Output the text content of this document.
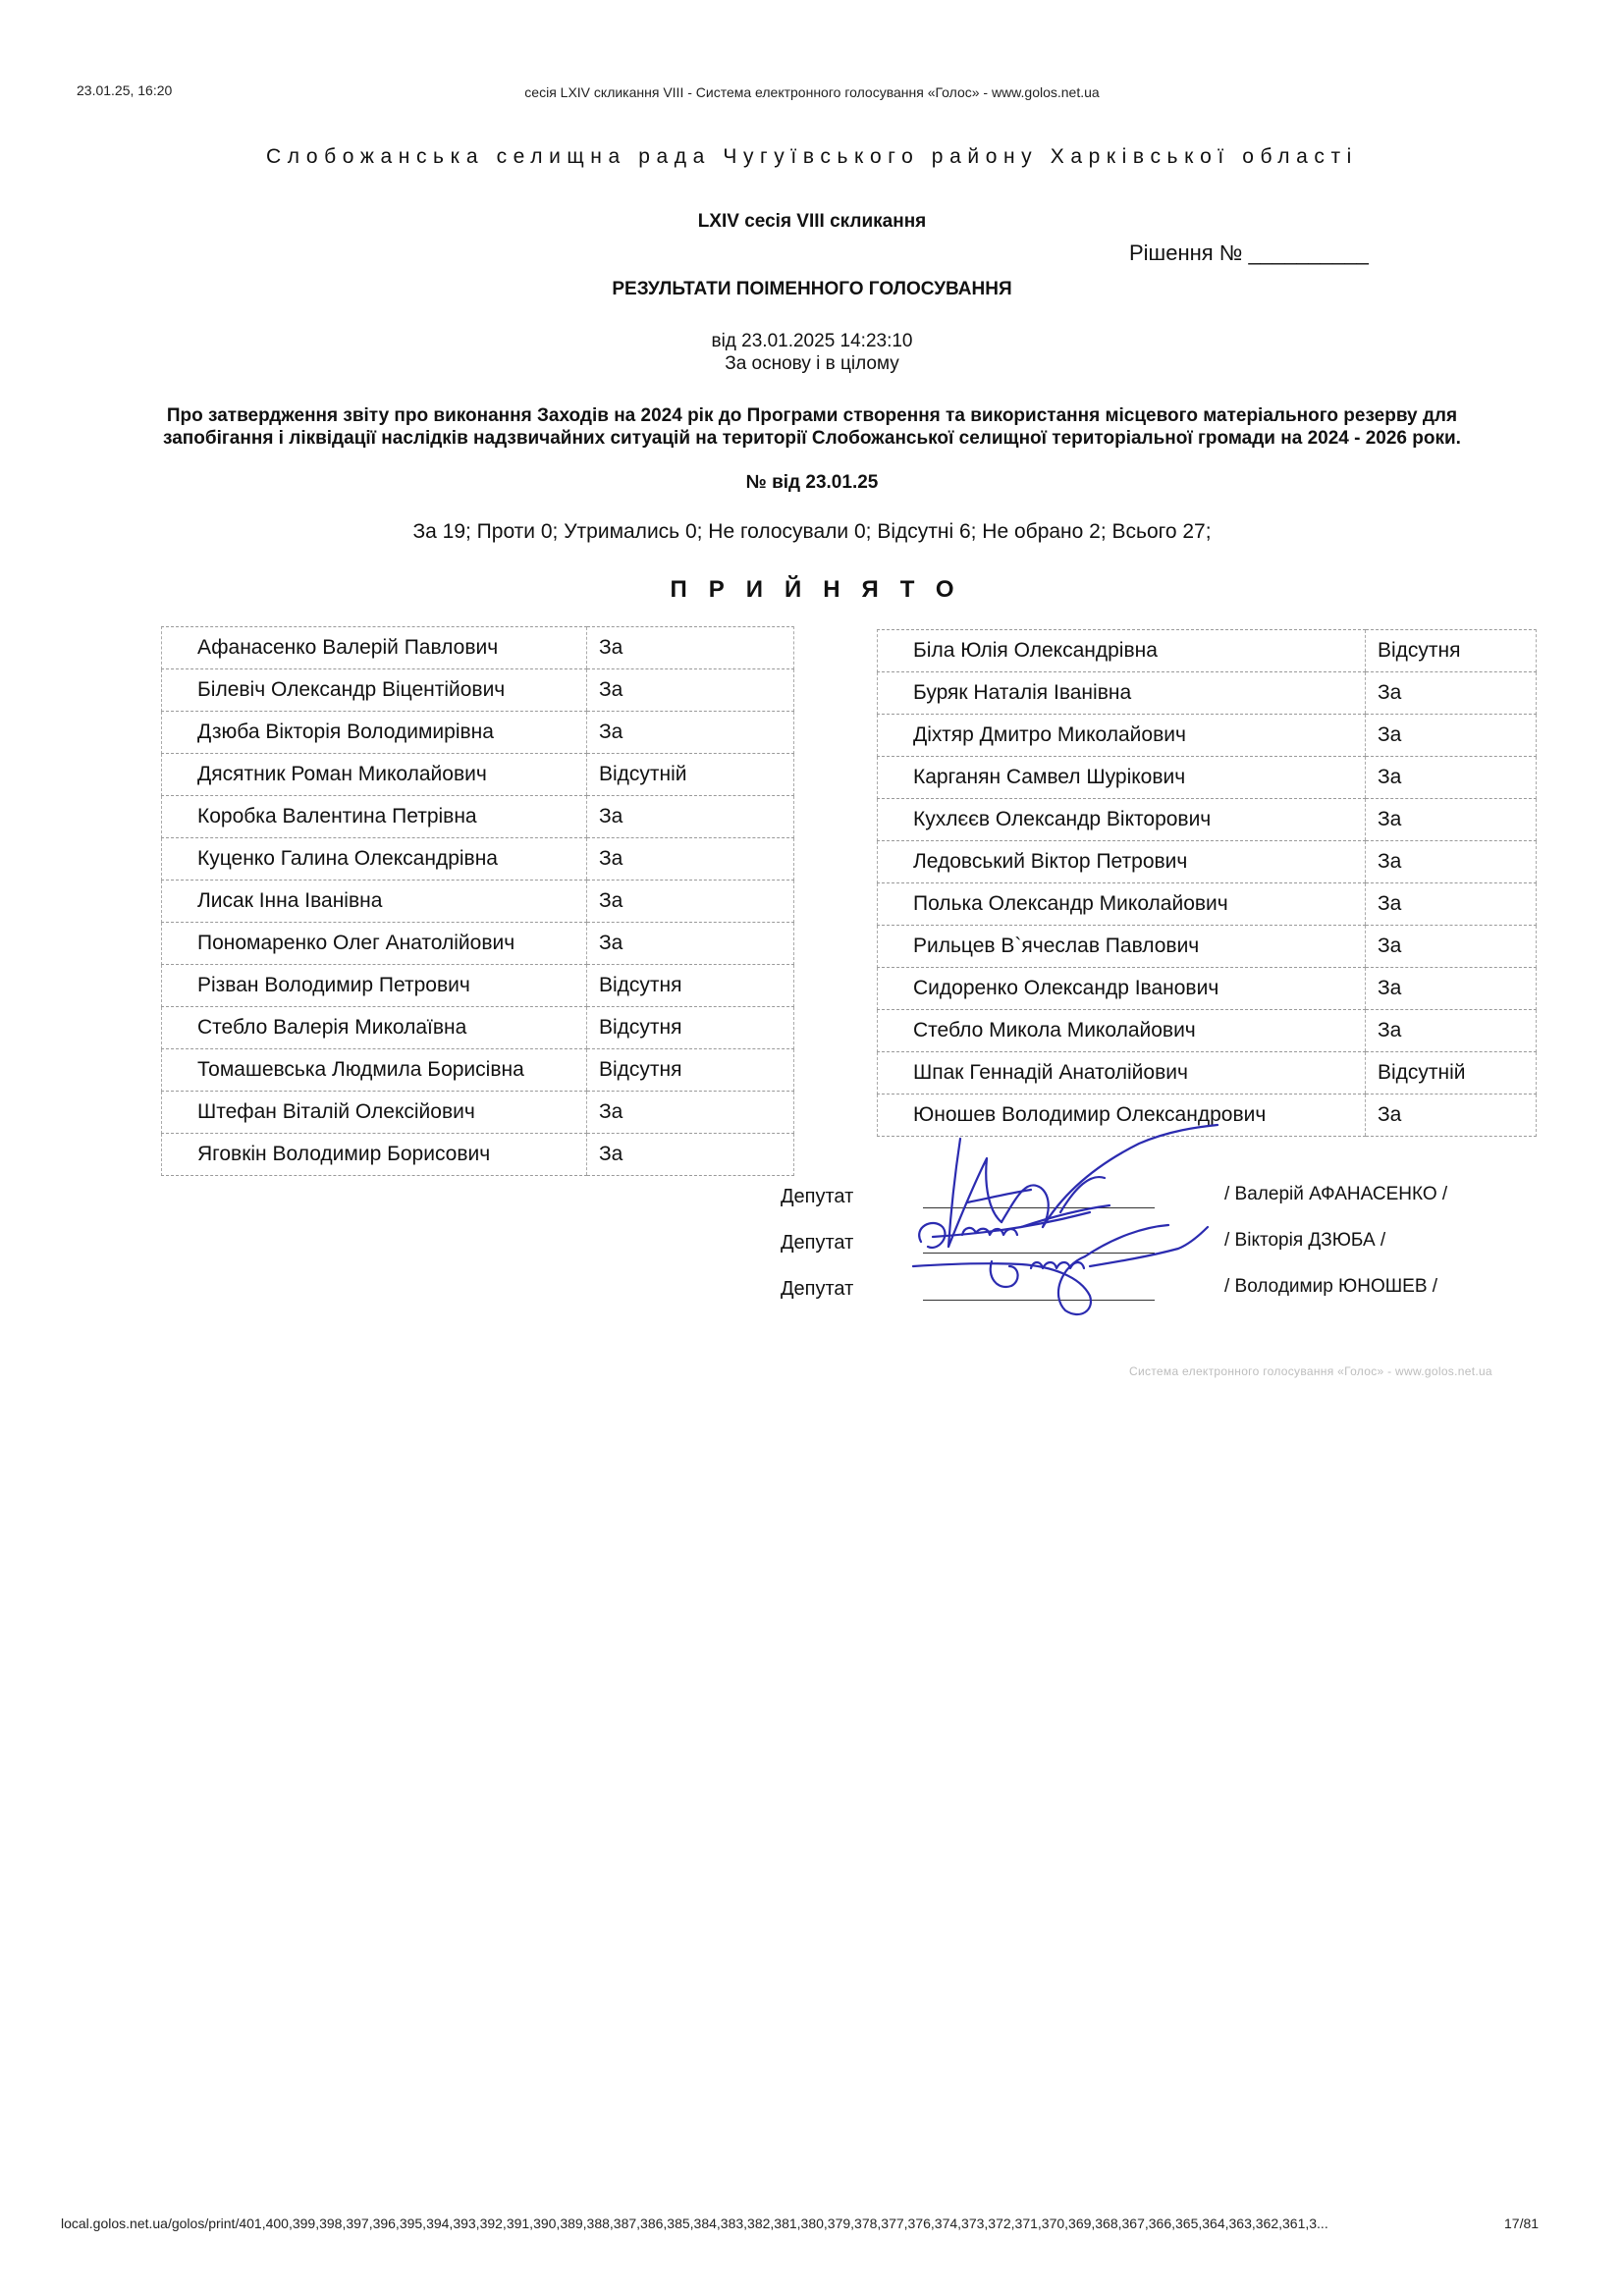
23.01.25, 16:20	сесія LXIV скликання VIII - Система електронного голосування «Голос» - www.golos.net.ua
Слобожанська селищна рада Чугуївського району Харківської області
LXIV сесія VIII скликання
Рішення № __________
РЕЗУЛЬТАТИ ПОІМЕННОГО ГОЛОСУВАННЯ
від 23.01.2025 14:23:10
За основу і в цілому
Про затвердження звіту про виконання Заходів на 2024 рік до Програми створення та використання місцевого матеріального резерву для запобігання і ліквідації наслідків надзвичайних ситуацій на території Слобожанської селищної територіальної громади на 2024 - 2026 роки.
№ від 23.01.25
За 19; Проти 0; Утримались 0; Не голосували 0; Відсутні 6; Не обрано 2; Всього 27;
ПРИЙНЯТО
Афанасенко Валерій Павлович	За
Білевіч Олександр Віцентійович	За
Дзюба Вікторія Володимирівна	За
Дясятник Роман Миколайович	Відсутній
Коробка Валентина Петрівна	За
Куценко Галина Олександрівна	За
Лисак Інна Іванівна	За
Пономаренко Олег Анатолійович	За
Різван Володимир Петрович	Відсутня
Стебло Валерія Миколаївна	Відсутня
Томашевська Людмила Борисівна	Відсутня
Штефан Віталій Олексійович	За
Яговкін Володимир Борисович	За
Біла Юлія Олександрівна	Відсутня
Буряк Наталія Іванівна	За
Діхтяр Дмитро Миколайович	За
Карганян Самвел Шурікович	За
Кухлєєв Олександр Вікторович	За
Ледовський Віктор Петрович	За
Полька Олександр Миколайович	За
Рильцев В`ячеслав Павлович	За
Сидоренко Олександр Іванович	За
Стебло Микола Миколайович	За
Шпак Геннадій Анатолійович	Відсутній
Юношев Володимир Олександрович	За
Депутат	/ Валерій АФАНАСЕНКО /
Депутат	/ Вікторія ДЗЮБА /
Депутат	/ Володимир ЮНОШЕВ /
Система електронного голосування «Голос» - www.golos.net.ua
local.golos.net.ua/golos/print/401,400,399,398,397,396,395,394,393,392,391,390,389,388,387,386,385,384,383,382,381,380,379,378,377,376,374,373,372,371,370,369,368,367,366,365,364,363,362,361,3...	17/81
